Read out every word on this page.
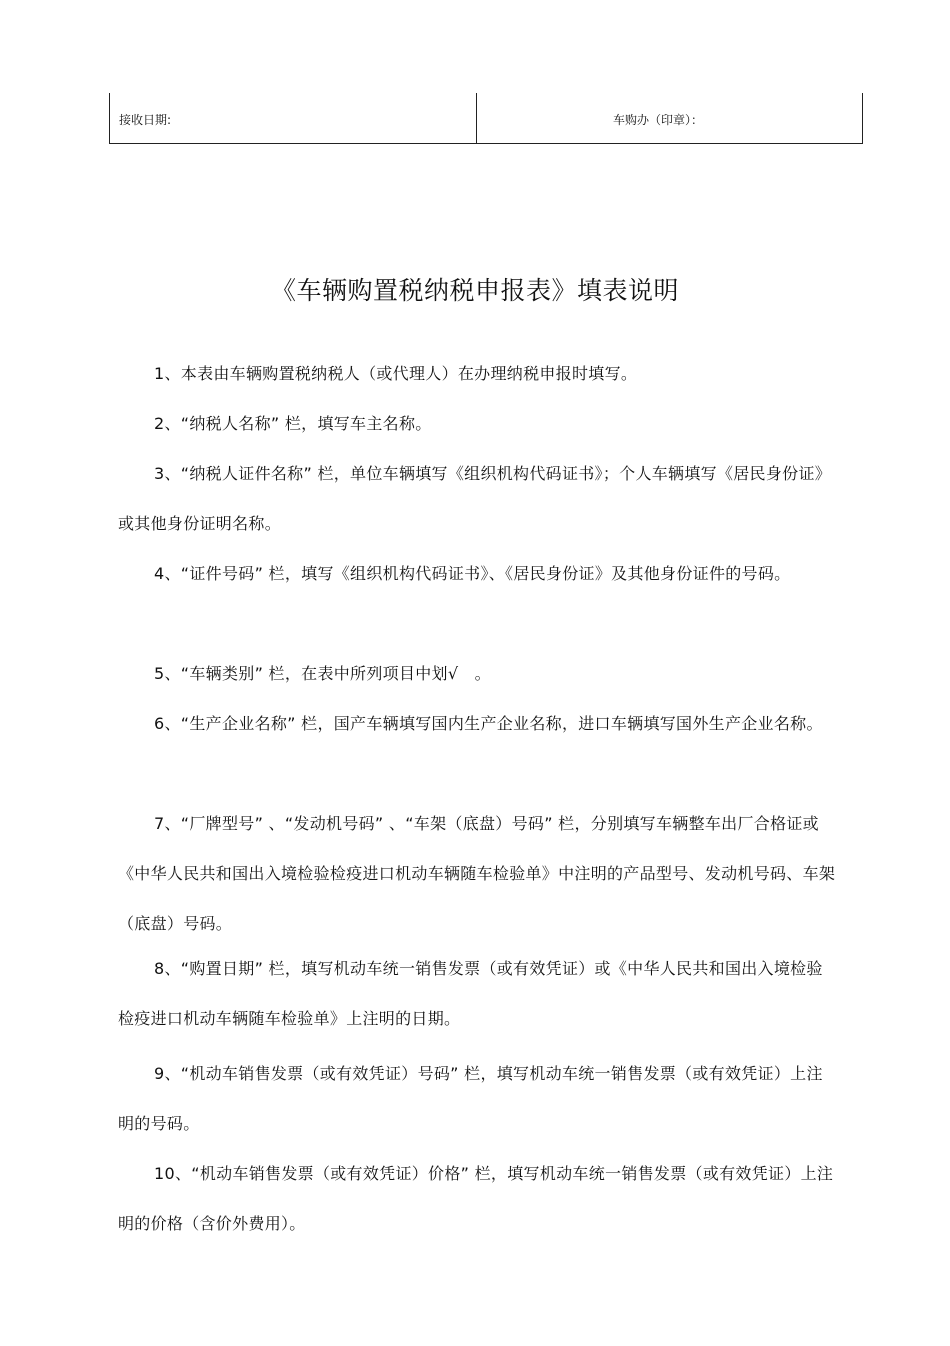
接收日期:	车购办（印章）：
《车辆购置税纳税申报表》填表说明

1、本表由车辆购置税纳税人（或代理人）在办理纳税申报时填写。

2、“纳税人名称” 栏，填写车主名称。

3、“纳税人证件名称” 栏，单位车辆填写《组织机构代码证书》；个人车辆填写《居民身份证》或其他身份证明名称。

4、“证件号码” 栏，填写《组织机构代码证书》、《居民身份证》及其他身份证件的号码。

5、“车辆类别” 栏，在表中所列项目中划√　。

6、“生产企业名称” 栏，国产车辆填写国内生产企业名称，进口车辆填写国外生产企业名称。

7、“厂牌型号” 、“发动机号码” 、“车架（底盘）号码” 栏，分别填写车辆整车出厂合格证或《中华人民共和国出入境检验检疫进口机动车辆随车检验单》中注明的产品型号、发动机号码、车架（底盘）号码。

8、“购置日期” 栏，填写机动车统一销售发票（或有效凭证）或《中华人民共和国出入境检验检疫进口机动车辆随车检验单》上注明的日期。

9、“机动车销售发票（或有效凭证）号码” 栏，填写机动车统一销售发票（或有效凭证）上注明的号码。

10、“机动车销售发票（或有效凭证）价格” 栏，填写机动车统一销售发票（或有效凭证）上注明的价格（含价外费用）。
